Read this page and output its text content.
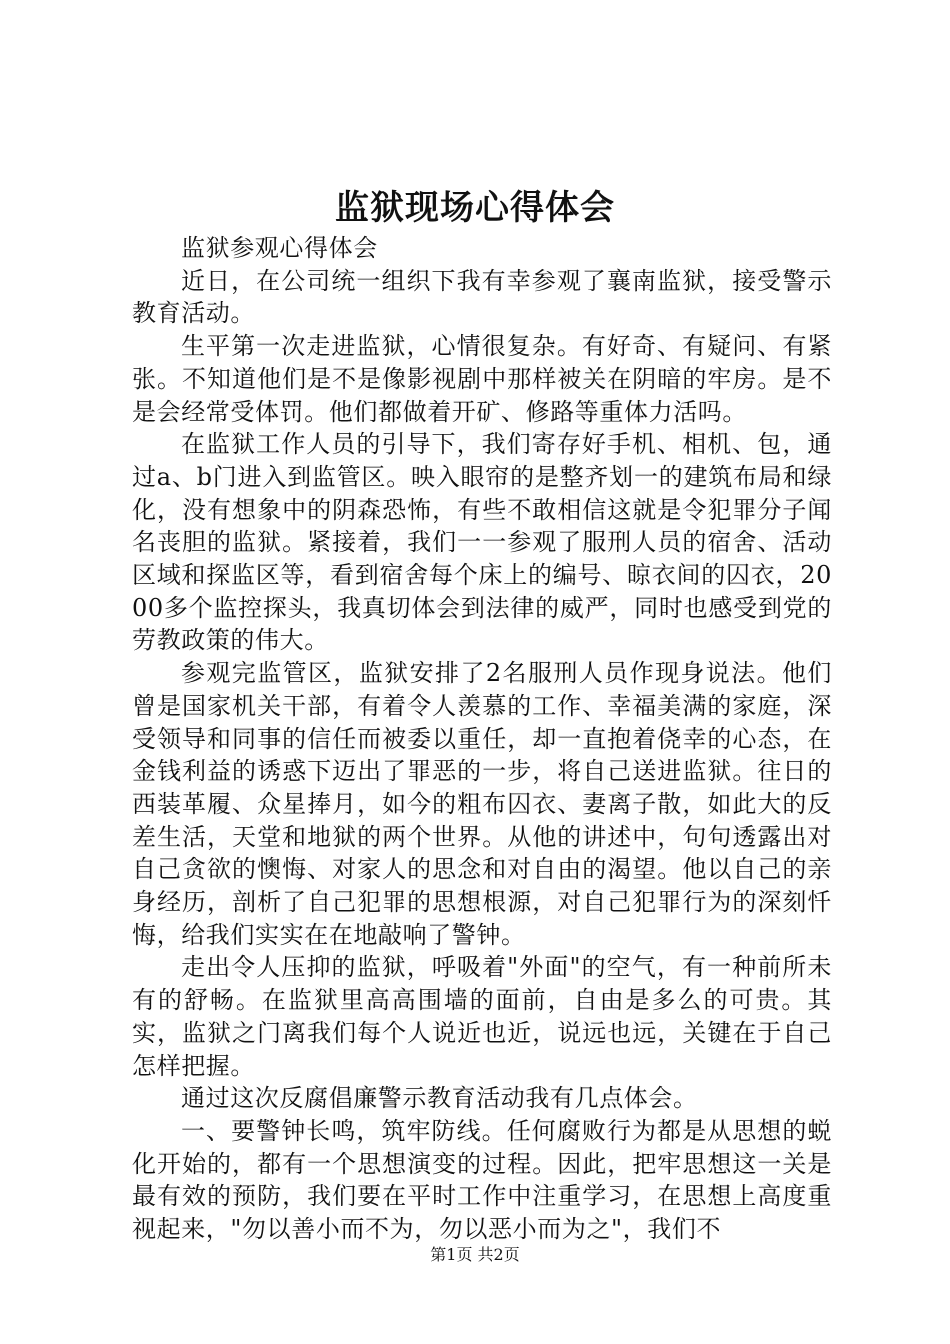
监狱现场心得体会

监狱参观心得体会

近日，在公司统一组织下我有幸参观了襄南监狱，接受警示教育活动。

生平第一次走进监狱，心情很复杂。有好奇、有疑问、有紧张。不知道他们是不是像影视剧中那样被关在阴暗的牢房。是不是会经常受体罚。他们都做着开矿、修路等重体力活吗。

在监狱工作人员的引导下，我们寄存好手机、相机、包，通过a、b门进入到监管区。映入眼帘的是整齐划一的建筑布局和绿化，没有想象中的阴森恐怖，有些不敢相信这就是令犯罪分子闻名丧胆的监狱。紧接着，我们一一参观了服刑人员的宿舍、活动区域和探监区等，看到宿舍每个床上的编号、晾衣间的囚衣，2000多个监控探头，我真切体会到法律的威严，同时也感受到党的劳教政策的伟大。

参观完监管区，监狱安排了2名服刑人员作现身说法。他们曾是国家机关干部，有着令人羡慕的工作、幸福美满的家庭，深受领导和同事的信任而被委以重任，却一直抱着侥幸的心态，在金钱利益的诱惑下迈出了罪恶的一步，将自己送进监狱。往日的西装革履、众星捧月，如今的粗布囚衣、妻离子散，如此大的反差生活，天堂和地狱的两个世界。从他的讲述中，句句透露出对自己贪欲的懊悔、对家人的思念和对自由的渴望。他以自己的亲身经历，剖析了自己犯罪的思想根源，对自己犯罪行为的深刻忏悔，给我们实实在在地敲响了警钟。

走出令人压抑的监狱，呼吸着"外面"的空气，有一种前所未有的舒畅。在监狱里高高围墙的面前，自由是多么的可贵。其实，监狱之门离我们每个人说近也近，说远也远，关键在于自己怎样把握。

通过这次反腐倡廉警示教育活动我有几点体会。

一、要警钟长鸣，筑牢防线。任何腐败行为都是从思想的蜕化开始的，都有一个思想演变的过程。因此，把牢思想这一关是最有效的预防，我们要在平时工作中注重学习，在思想上高度重视起来，"勿以善小而不为，勿以恶小而为之"，我们不

第1页 共2页
